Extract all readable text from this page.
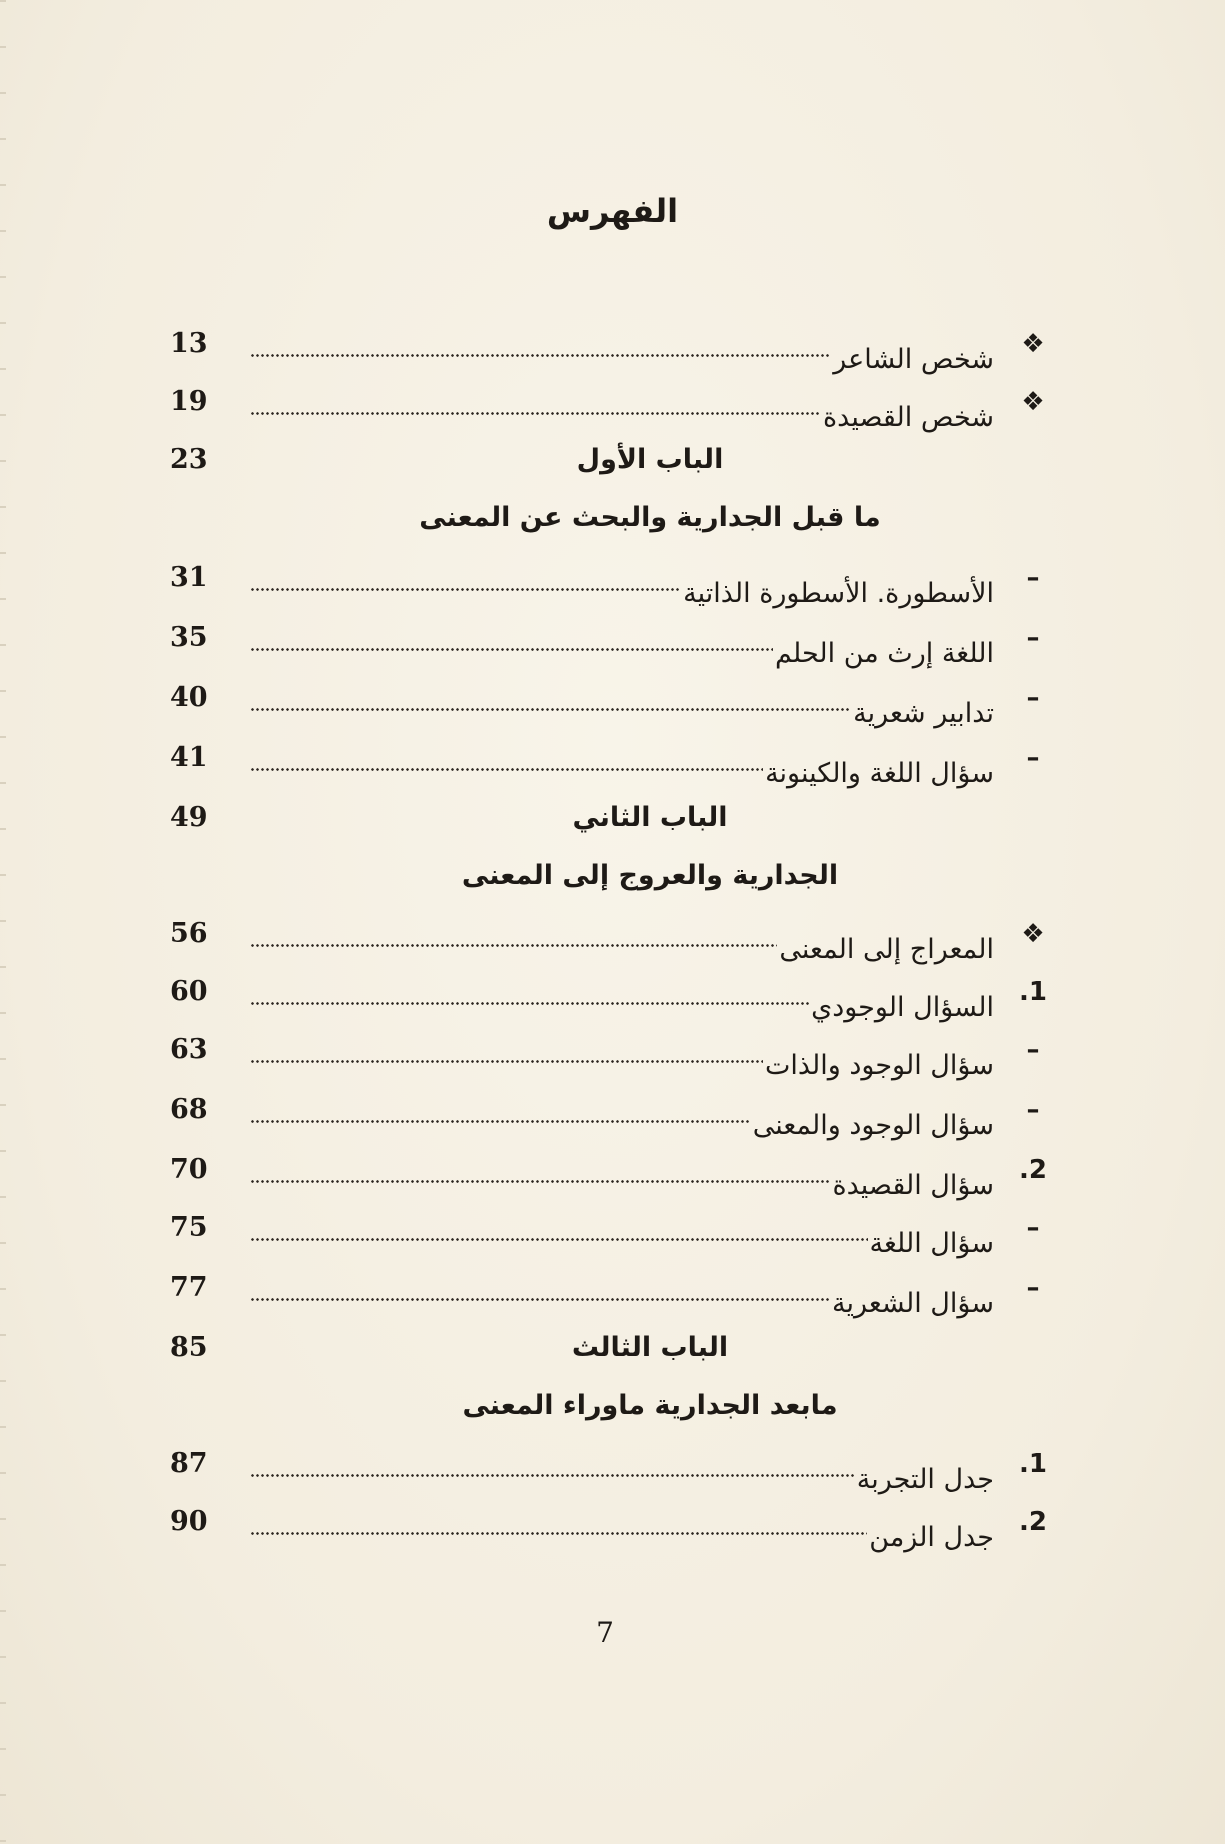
الفهرس
❖
شخص الشاعر
13
❖
شخص القصيدة
19
الباب الأول
23
ما قبل الجدارية والبحث عن المعنى
–
الأسطورة. الأسطورة الذاتية
31
–
اللغة إرث من الحلم
35
–
تدابير شعرية
40
–
سؤال اللغة والكينونة
41
الباب الثاني
49
الجدارية والعروج إلى المعنى
❖
المعراج إلى المعنى
56
1.
السؤال الوجودي
60
–
سؤال الوجود والذات
63
–
سؤال الوجود والمعنى
68
2.
سؤال القصيدة
70
–
سؤال اللغة
75
–
سؤال الشعرية
77
الباب الثالث
85
مابعد الجدارية ماوراء المعنى
1.
جدل التجربة
87
2.
جدل الزمن
90
7
